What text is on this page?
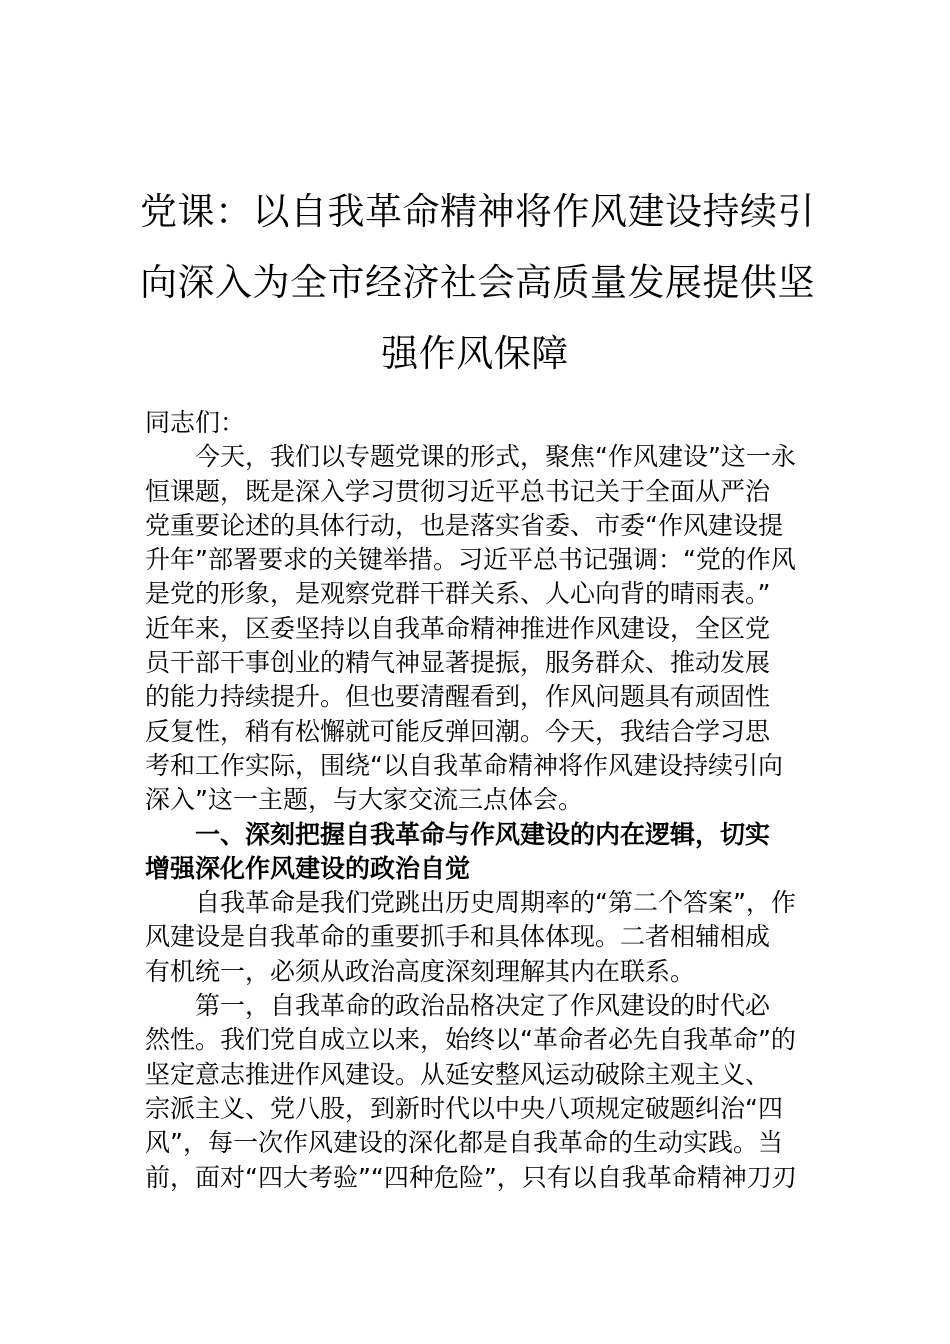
党课：以自我革命精神将作风建设持续引
向深入为全市经济社会高质量发展提供坚
强作风保障
同志们：
今天，我们以专题党课的形式，聚焦“作风建设”这一永
恒课题，既是深入学习贯彻习近平总书记关于全面从严治
党重要论述的具体行动，也是落实省委、市委“作风建设提
升年”部署要求的关键举措。习近平总书记强调：“党的作风
是党的形象，是观察党群干群关系、人心向背的晴雨表。”
近年来，区委坚持以自我革命精神推进作风建设，全区党
员干部干事创业的精气神显著提振，服务群众、推动发展
的能力持续提升。但也要清醒看到，作风问题具有顽固性
反复性，稍有松懈就可能反弹回潮。今天，我结合学习思
考和工作实际，围绕“以自我革命精神将作风建设持续引向
深入”这一主题，与大家交流三点体会。
一、深刻把握自我革命与作风建设的内在逻辑，切实
增强深化作风建设的政治自觉
自我革命是我们党跳出历史周期率的“第二个答案”，作
风建设是自我革命的重要抓手和具体体现。二者相辅相成
有机统一，必须从政治高度深刻理解其内在联系。
第一，自我革命的政治品格决定了作风建设的时代必
然性。我们党自成立以来，始终以“革命者必先自我革命”的
坚定意志推进作风建设。从延安整风运动破除主观主义、
宗派主义、党八股，到新时代以中央八项规定破题纠治“四
风”，每一次作风建设的深化都是自我革命的生动实践。当
前，面对“四大考验”“四种危险”，只有以自我革命精神刀刃
